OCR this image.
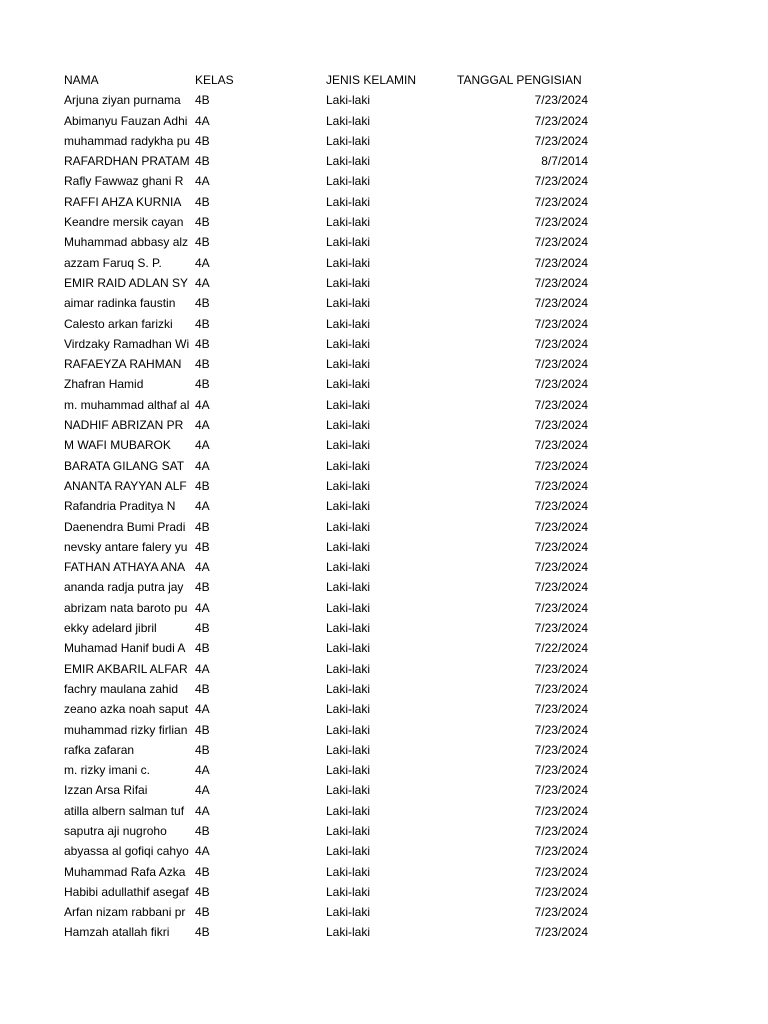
NAMA	KELAS	JENIS KELAMIN	TANGGAL PENGISIAN
Arjuna ziyan purnama	4B	Laki-laki	7/23/2024
Abimanyu Fauzan Adhi 4A	Laki-laki	7/23/2024
muhammad radykha pu 4B	Laki-laki	7/23/2024
RAFARDHAN PRATAM 4B	Laki-laki	8/7/2014
Rafly Fawwaz ghani R 4A	Laki-laki	7/23/2024
RAFFI AHZA KURNIA	4B	Laki-laki	7/23/2024
Keandre mersik cayan 4B	Laki-laki	7/23/2024
Muhammad abbasy alz 4B	Laki-laki	7/23/2024
azzam Faruq S. P.	4A	Laki-laki	7/23/2024
EMIR RAID ADLAN SY 4A	Laki-laki	7/23/2024
aimar radinka faustin	4B	Laki-laki	7/23/2024
Calesto arkan farizki	4B	Laki-laki	7/23/2024
Virdzaky Ramadhan Wi 4B	Laki-laki	7/23/2024
RAFAEYZA RAHMAN	4B	Laki-laki	7/23/2024
Zhafran Hamid	4B	Laki-laki	7/23/2024
m. muhammad althaf al 4A	Laki-laki	7/23/2024
NADHIF ABRIZAN PR 4A	Laki-laki	7/23/2024
M WAFI MUBAROK	4A	Laki-laki	7/23/2024
BARATA GILANG SAT 4A	Laki-laki	7/23/2024
ANANTA RAYYAN ALF 4B	Laki-laki	7/23/2024
Rafandria Praditya N	4A	Laki-laki	7/23/2024
Daenendra Bumi Pradi 4B	Laki-laki	7/23/2024
nevsky antare falery yu 4B	Laki-laki	7/23/2024
FATHAN ATHAYA ANA 4A	Laki-laki	7/23/2024
ananda radja putra jay 4B	Laki-laki	7/23/2024
abrizam nata baroto pu 4A	Laki-laki	7/23/2024
ekky adelard jibril	4B	Laki-laki	7/23/2024
Muhamad Hanif budi A 4B	Laki-laki	7/22/2024
EMIR AKBARIL ALFAR 4A	Laki-laki	7/23/2024
fachry maulana zahid	4B	Laki-laki	7/23/2024
zeano azka noah saput 4A	Laki-laki	7/23/2024
muhammad rizky firlian 4B	Laki-laki	7/23/2024
rafka zafaran	4B	Laki-laki	7/23/2024
m. rizky imani c.	4A	Laki-laki	7/23/2024
Izzan Arsa Rifai	4A	Laki-laki	7/23/2024
atilla albern salman tuf 4A	Laki-laki	7/23/2024
saputra aji nugroho	4B	Laki-laki	7/23/2024
abyassa al gofiqi cahyo 4A	Laki-laki	7/23/2024
Muhammad Rafa Azka 4B	Laki-laki	7/23/2024
Habibi adullathif asegaf 4B	Laki-laki	7/23/2024
Arfan nizam rabbani pr 4B	Laki-laki	7/23/2024
Hamzah atallah fikri	4B	Laki-laki	7/23/2024
